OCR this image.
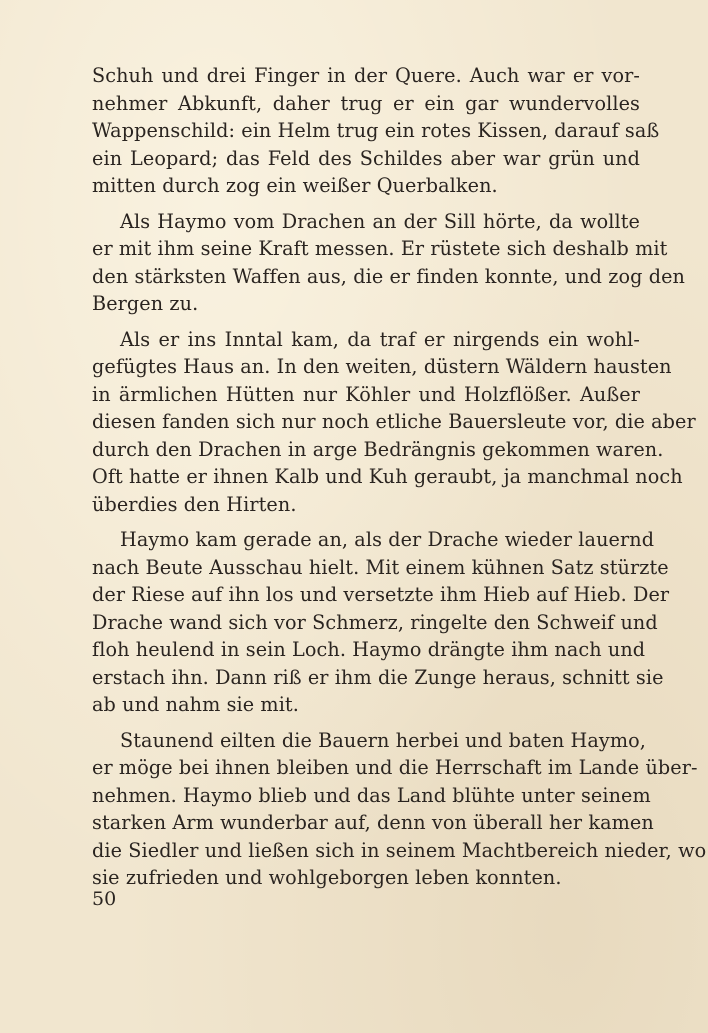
Schuh und drei Finger in der Quere. Auch war er vor-
nehmer Abkunft, daher trug er ein gar wundervolles
Wappenschild: ein Helm trug ein rotes Kissen, darauf saß
ein Leopard; das Feld des Schildes aber war grün und
mitten durch zog ein weißer Querbalken.

Als Haymo vom Drachen an der Sill hörte, da wollte
er mit ihm seine Kraft messen. Er rüstete sich deshalb mit
den stärksten Waffen aus, die er finden konnte, und zog den
Bergen zu.

Als er ins Inntal kam, da traf er nirgends ein wohl-
gefügtes Haus an. In den weiten, düstern Wäldern hausten
in ärmlichen Hütten nur Köhler und Holzflößer. Außer
diesen fanden sich nur noch etliche Bauersleute vor, die aber
durch den Drachen in arge Bedrängnis gekommen waren.
Oft hatte er ihnen Kalb und Kuh geraubt, ja manchmal noch
überdies den Hirten.

Haymo kam gerade an, als der Drache wieder lauernd
nach Beute Ausschau hielt. Mit einem kühnen Satz stürzte
der Riese auf ihn los und versetzte ihm Hieb auf Hieb. Der
Drache wand sich vor Schmerz, ringelte den Schweif und
floh heulend in sein Loch. Haymo drängte ihm nach und
erstach ihn. Dann riß er ihm die Zunge heraus, schnitt sie
ab und nahm sie mit.

Staunend eilten die Bauern herbei und baten Haymo,
er möge bei ihnen bleiben und die Herrschaft im Lande über-
nehmen. Haymo blieb und das Land blühte unter seinem
starken Arm wunderbar auf, denn von überall her kamen
die Siedler und ließen sich in seinem Machtbereich nieder, wo
sie zufrieden und wohlgeborgen leben konnten.

50
